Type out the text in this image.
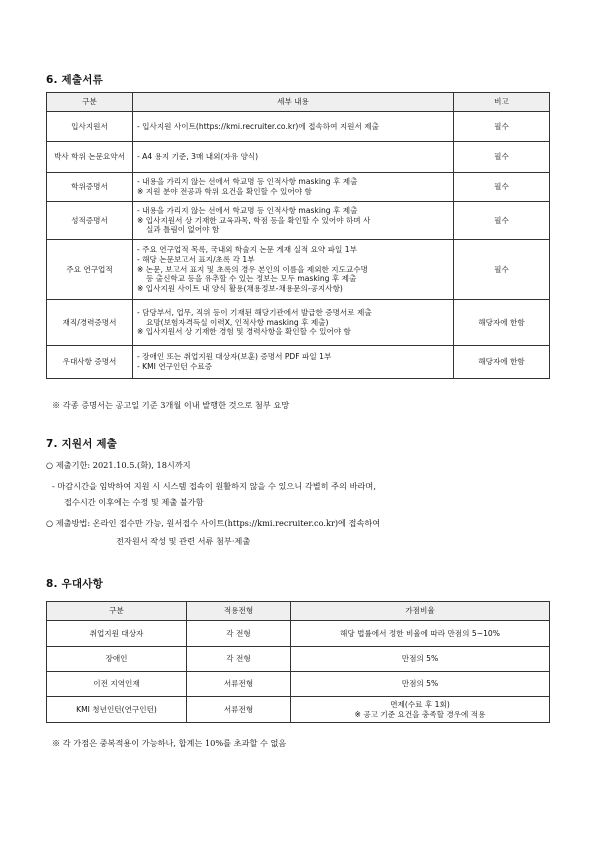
6. 제출서류
구분	세부 내용	비고
입사지원서	- 입사지원 사이트(https://kmi.recruiter.co.kr)에 접속하여 지원서 제출	필수
박사 학위 논문요약서	- A4 용지 기준, 3매 내외(자유 양식)	필수
학위증명서	- 내용을 가리지 않는 선에서 학교명 등 인적사항 masking 후 제출
※ 지원 분야 전공과 학위 요건을 확인할 수 있어야 함	필수
성적증명서	- 내용을 가리지 않는 선에서 학교명 등 인적사항 masking 후 제출
※ 입사지원서 상 기재한 교육과목, 학점 등을 확인할 수 있어야 하며 사
실과 틀림이 없어야 함	필수
주요 연구업적	- 주요 연구업적 목록, 국내외 학술지 논문 게재 실적 요약 파일 1부
- 해당 논문보고서 표지/초록 각 1부
※ 논문, 보고서 표지 및 초록의 경우 본인의 이름을 제외한 지도교수명
등 출신학교 등을 유추할 수 있는 정보는 모두 masking 후 제출
※ 입사지원 사이트 내 양식 활용(채용정보-채용문의-공지사항)	필수
재직/경력증명서	- 담당부서, 업무, 직위 등이 기재된 해당기관에서 발급한 증명서로 제출
요망(보험자격득실 이력X, 인적사항 masking 후 제출)
※ 입사지원서 상 기재한 경험 및 경력사항을 확인할 수 있어야 함	해당자에 한함
우대사항 증명서	- 장애인 또는 취업지원 대상자(보훈) 증명서 PDF 파일 1부
- KMI 연구인턴 수료증	해당자에 한함
※ 각종 증명서는 공고일 기준 3개월 이내 발행한 것으로 첨부 요망
7. 지원서 제출
○ 제출기한: 2021.10.5.(화), 18시까지
- 마감시간을 임박하여 지원 시 시스템 접속이 원활하지 않을 수 있으니 각별히 주의 바라며,
접수시간 이후에는 수정 및 제출 불가함
○ 제출방법: 온라인 접수만 가능, 원서접수 사이트(https://kmi.recruiter.co.kr)에 접속하여
전자원서 작성 및 관련 서류 첨부·제출
8. 우대사항
구분	적용전형	가점비율
취업지원 대상자	각 전형	해당 법률에서 정한 비율에 따라 만점의 5~10%

장애인	각 전형	만점의 5%

이전 지역인재	서류전형	만점의 5%

KMI 청년인턴(연구인턴)	서류전형	면제(수료 후 1회)
※ 공고 기준 요건을 충족할 경우에 적용
※ 각 가점은 중복적용이 가능하나, 합계는 10%를 초과할 수 없음
